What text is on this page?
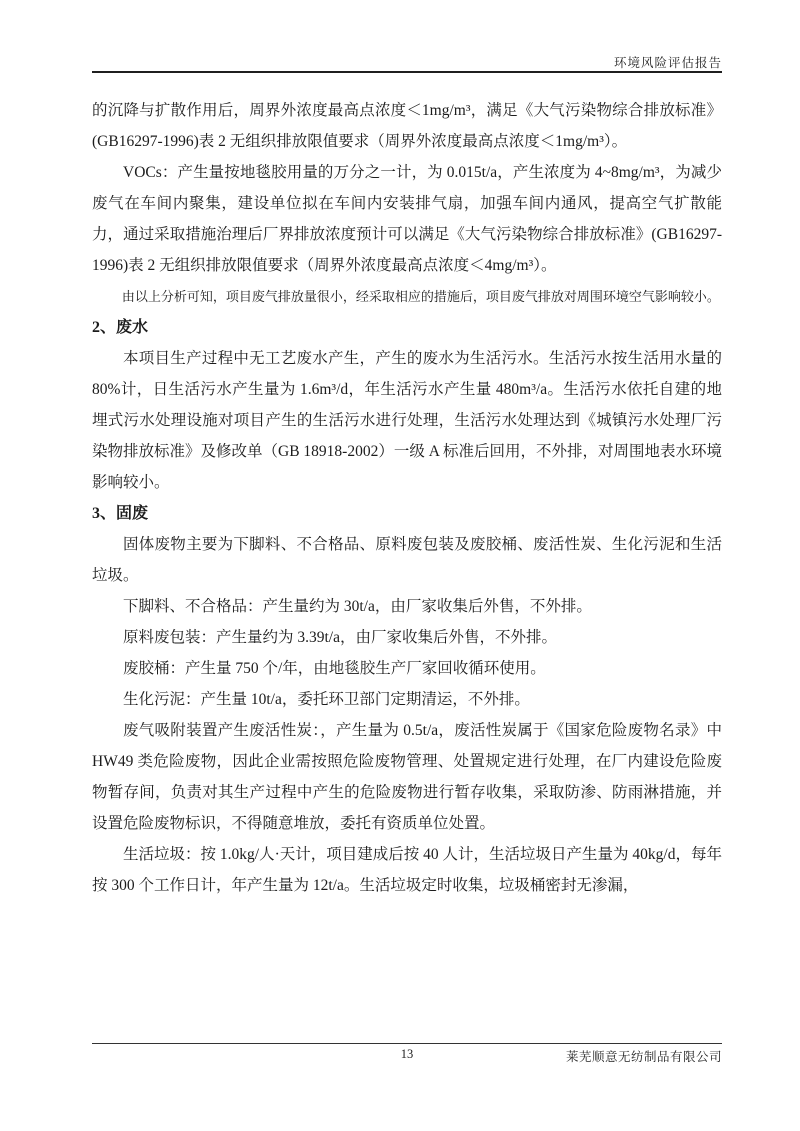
环境风险评估报告

的沉降与扩散作用后，周界外浓度最高点浓度＜1mg/m³，满足《大气污染物综合排放标准》(GB16297-1996)表 2 无组织排放限值要求（周界外浓度最高点浓度＜1mg/m³）。

VOCs：产生量按地毯胶用量的万分之一计，为 0.015t/a，产生浓度为 4~8mg/m³，为减少废气在车间内聚集，建设单位拟在车间内安装排气扇，加强车间内通风，提高空气扩散能力，通过采取措施治理后厂界排放浓度预计可以满足《大气污染物综合排放标准》(GB16297-1996)表 2 无组织排放限值要求（周界外浓度最高点浓度＜4mg/m³）。

由以上分析可知，项目废气排放量很小，经采取相应的措施后，项目废气排放对周围环境空气影响较小。

2、废水

本项目生产过程中无工艺废水产生，产生的废水为生活污水。生活污水按生活用水量的 80%计，日生活污水产生量为 1.6m³/d，年生活污水产生量 480m³/a。生活污水依托自建的地埋式污水处理设施对项目产生的生活污水进行处理，生活污水处理达到《城镇污水处理厂污染物排放标准》及修改单（GB 18918-2002）一级 A 标准后回用，不外排，对周围地表水环境影响较小。

3、固废

固体废物主要为下脚料、不合格品、原料废包装及废胶桶、废活性炭、生化污泥和生活垃圾。

下脚料、不合格品：产生量约为 30t/a，由厂家收集后外售，不外排。

原料废包装：产生量约为 3.39t/a，由厂家收集后外售，不外排。

废胶桶：产生量 750 个/年，由地毯胶生产厂家回收循环使用。

生化污泥：产生量 10t/a，委托环卫部门定期清运，不外排。

废气吸附装置产生废活性炭：，产生量为 0.5t/a，废活性炭属于《国家危险废物名录》中 HW49 类危险废物，因此企业需按照危险废物管理、处置规定进行处理，在厂内建设危险废物暂存间，负责对其生产过程中产生的危险废物进行暂存收集，采取防渗、防雨淋措施，并设置危险废物标识，不得随意堆放，委托有资质单位处置。

生活垃圾：按 1.0kg/人·天计，项目建成后按 40 人计，生活垃圾日产生量为 40kg/d，每年按 300 个工作日计，年产生量为 12t/a。生活垃圾定时收集，垃圾桶密封无渗漏，

13	莱芜顺意无纺制品有限公司
